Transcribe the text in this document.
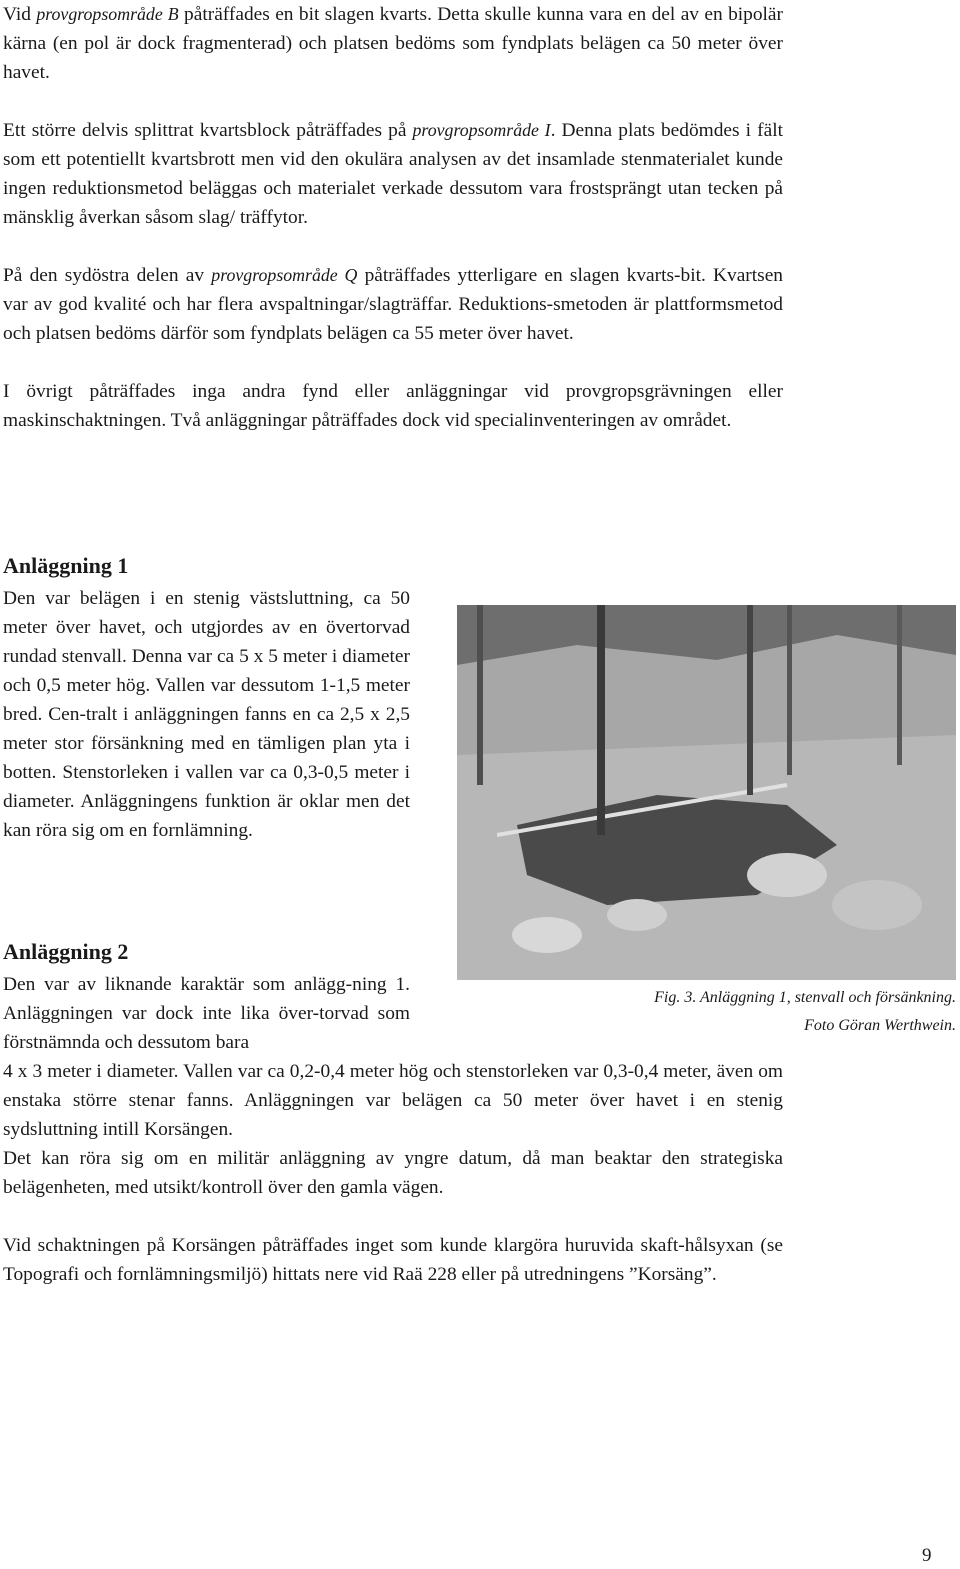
Vid provgropsområde B påträffades en bit slagen kvarts. Detta skulle kunna vara en del av en bipolär kärna (en pol är dock fragmenterad) och platsen bedöms som fyndplats belägen ca 50 meter över havet.

Ett större delvis splittrat kvartsblock påträffades på provgropsområde I. Denna plats bedömdes i fält som ett potentiellt kvartsbrott men vid den okulära analysen av det insamlade stenmaterialet kunde ingen reduktionsmetod beläggas och materialet verkade dessutom vara frostsprängt utan tecken på mänsklig åverkan såsom slag/ träffytor.

På den sydöstra delen av provgropsområde Q påträffades ytterligare en slagen kvarts-bit. Kvartsen var av god kvalité och har flera avspaltningar/slagträffar. Reduktions-smetoden är plattformsmetod och platsen bedöms därför som fyndplats belägen ca 55 meter över havet.

I övrigt påträffades inga andra fynd eller anläggningar vid provgropsgrävningen eller maskinschaktningen. Två anläggningar påträffades dock vid specialinventeringen av området.

Anläggning 1

Den var belägen i en stenig västsluttning, ca 50 meter över havet, och utgjordes av en övertorvad rundad stenvall. Denna var ca 5 x 5 meter i diameter och 0,5 meter hög. Vallen var dessutom 1-1,5 meter bred. Cen-tralt i anläggningen fanns en ca 2,5 x 2,5 meter stor försänkning med en tämligen plan yta i botten. Stenstorleken i vallen var ca 0,3-0,5 meter i diameter. Anläggningens funktion är oklar men det kan röra sig om en fornlämning.

Fig. 3. Anläggning 1, stenvall och försänkning.
Foto Göran Werthwein.
Anläggning 2

Den var av liknande karaktär som anlägg-ning 1. Anläggningen var dock inte lika över-torvad som förstnämnda och dessutom bara

4 x 3 meter i diameter. Vallen var ca 0,2-0,4 meter hög och stenstorleken var 0,3-0,4 meter, även om enstaka större stenar fanns. Anläggningen var belägen ca 50 meter över havet i en stenig sydsluttning intill Korsängen.

Det kan röra sig om en militär anläggning av yngre datum, då man beaktar den strategiska belägenheten, med utsikt/kontroll över den gamla vägen.

Vid schaktningen på Korsängen påträffades inget som kunde klargöra huruvida skaft-hålsyxan (se Topografi och fornlämningsmiljö) hittats nere vid Raä 228 eller på utredningens ”Korsäng”.

9
